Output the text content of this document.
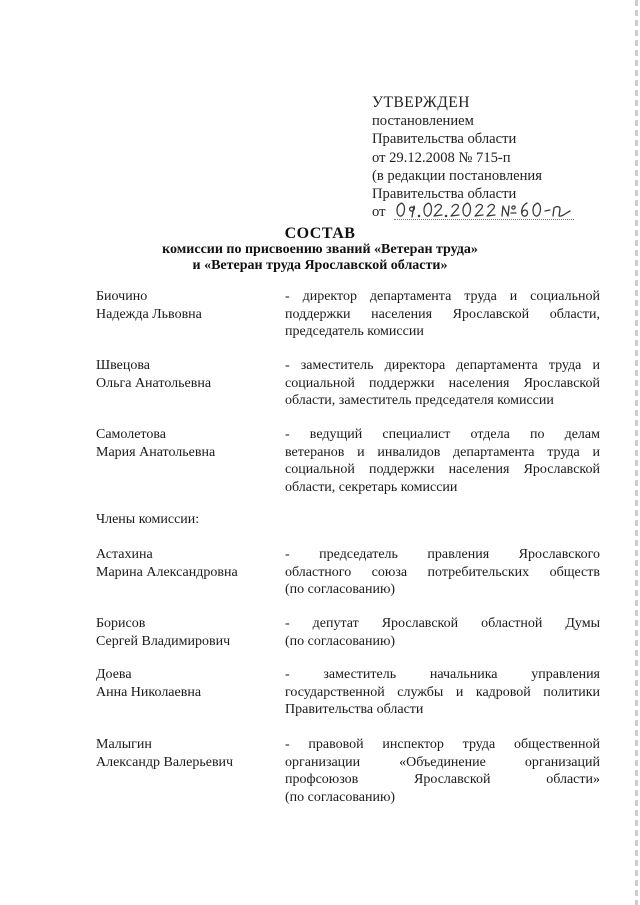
УТВЕРЖДЕН
постановлением
Правительства области
от 29.12.2008 № 715-п
(в редакции постановления
Правительства области
от
СОСТАВ
комиссии по присвоению званий «Ветеран труда»
и «Ветеран труда Ярославской области»
Биочино
Надежда Львовна
- директор департамента труда и социальной
поддержки населения Ярославской области,
председатель комиссии
Швецова
Ольга Анатольевна
- заместитель директора департамента труда и
социальной поддержки населения Ярославской
области, заместитель председателя комиссии
Самолетова
Мария Анатольевна
- ведущий специалист отдела по делам
ветеранов и инвалидов департамента труда и
социальной поддержки населения Ярославской
области, секретарь комиссии
Члены комиссии:
Астахина
Марина Александровна
- председатель правления Ярославского
областного союза потребительских обществ
(по согласованию)
Борисов
Сергей Владимирович
- депутат Ярославской областной Думы
(по согласованию)
Доева
Анна Николаевна
- заместитель начальника управления
государственной службы и кадровой политики
Правительства области
Малыгин
Александр Валерьевич
- правовой инспектор труда общественной
организации «Объединение организаций
профсоюзов Ярославской области»
(по согласованию)
